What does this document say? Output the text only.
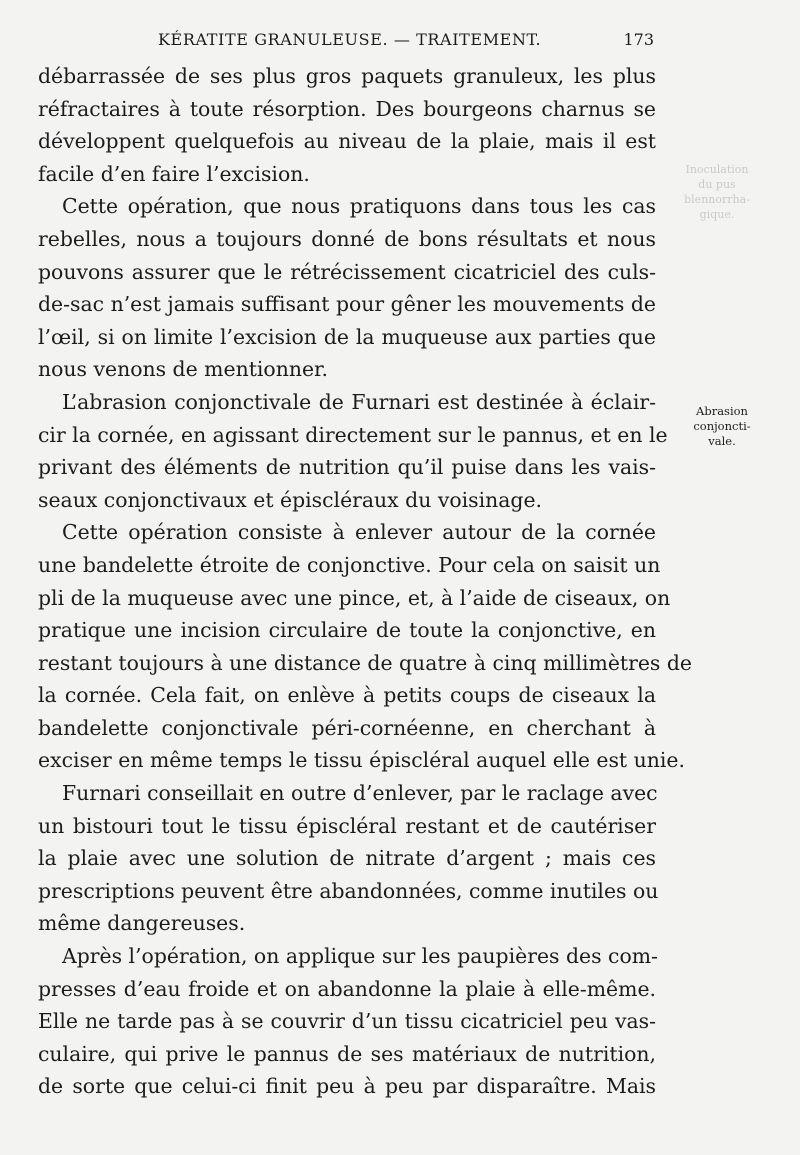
KÉRATITE GRANULEUSE. — TRAITEMENT.	173
Inoculation
du pus
blennorrha-
gique.
débarrassée de ses plus gros paquets granuleux, les plus
réfractaires à toute résorption. Des bourgeons charnus se
développent quelquefois au niveau de la plaie, mais il est
facile d’en faire l’excision.
Cette opération, que nous pratiquons dans tous les cas
rebelles, nous a toujours donné de bons résultats et nous
pouvons assurer que le rétrécissement cicatriciel des culs-
de-sac n’est jamais suffisant pour gêner les mouvements de
l’œil, si on limite l’excision de la muqueuse aux parties que
nous venons de mentionner.
L’abrasion conjonctivale de Furnari est destinée à éclair-
cir la cornée, en agissant directement sur le pannus, et en le
privant des éléments de nutrition qu’il puise dans les vais-
seaux conjonctivaux et épiscléraux du voisinage.
Cette opération consiste à enlever autour de la cornée
une bandelette étroite de conjonctive. Pour cela on saisit un
pli de la muqueuse avec une pince, et, à l’aide de ciseaux, on
pratique une incision circulaire de toute la conjonctive, en
restant toujours à une distance de quatre à cinq millimètres de
la cornée. Cela fait, on enlève à petits coups de ciseaux la
bandelette conjonctivale péri-cornéenne, en cherchant à
exciser en même temps le tissu épiscléral auquel elle est unie.
Furnari conseillait en outre d’enlever, par le raclage avec
un bistouri tout le tissu épiscléral restant et de cautériser
la plaie avec une solution de nitrate d’argent ; mais ces
prescriptions peuvent être abandonnées, comme inutiles ou
même dangereuses.
Après l’opération, on applique sur les paupières des com-
presses d’eau froide et on abandonne la plaie à elle-même.
Elle ne tarde pas à se couvrir d’un tissu cicatriciel peu vas-
culaire, qui prive le pannus de ses matériaux de nutrition,
de sorte que celui-ci finit peu à peu par disparaître. Mais
Abrasion
conjoncti-
vale.
